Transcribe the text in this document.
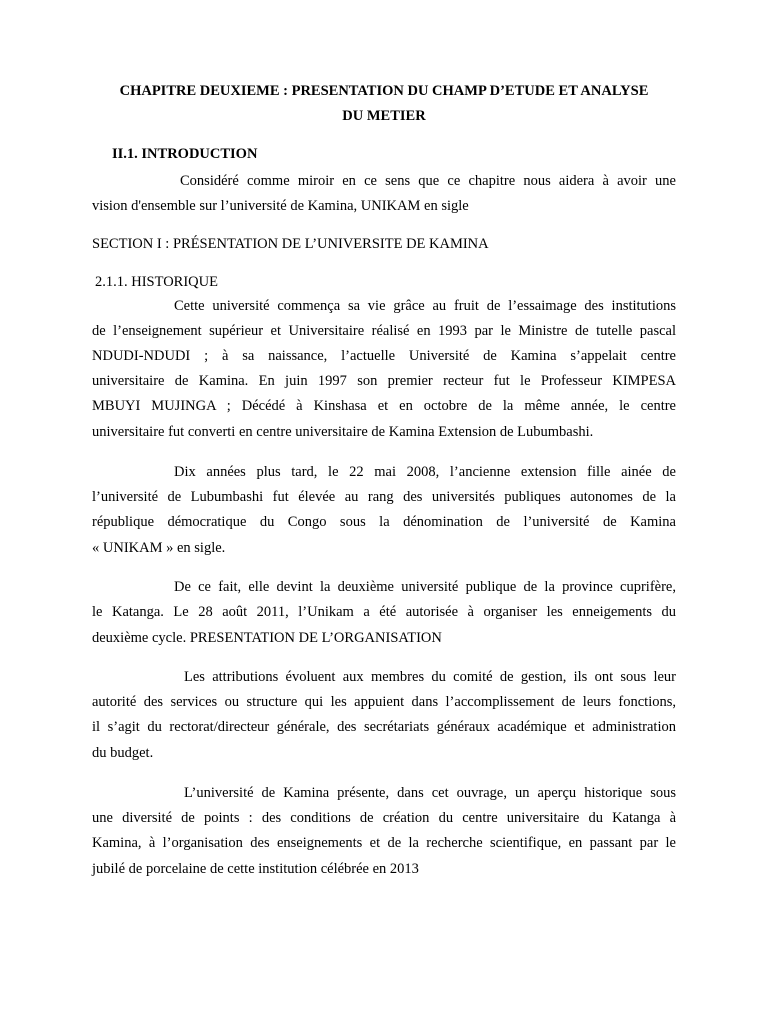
CHAPITRE DEUXIEME : PRESENTATION DU CHAMP D’ETUDE ET ANALYSE
DU METIER
II.1. INTRODUCTION
Considéré comme miroir en ce sens que ce chapitre nous aidera à avoir une
vision d'ensemble sur l’université de Kamina, UNIKAM en sigle
SECTION I : PRÉSENTATION DE L’UNIVERSITE DE KAMINA
2.1.1. HISTORIQUE
Cette université commença sa vie grâce au fruit de l’essaimage des institutions
de l’enseignement supérieur et Universitaire réalisé en 1993 par le Ministre de tutelle pascal
NDUDI-NDUDI ; à sa naissance, l’actuelle Université de Kamina s’appelait centre
universitaire de Kamina. En juin 1997 son premier recteur fut le Professeur KIMPESA
MBUYI MUJINGA ; Décédé à Kinshasa et en octobre de la même année, le centre
universitaire fut converti en centre universitaire de Kamina Extension de Lubumbashi.
Dix années plus tard, le 22 mai 2008, l’ancienne extension fille ainée de
l’université de Lubumbashi fut élevée au rang des universités publiques autonomes de la
république démocratique du Congo sous la dénomination de l’université de Kamina
« UNIKAM » en sigle.
De ce fait, elle devint la deuxième université publique de la province cuprifère,
le Katanga. Le 28 août 2011, l’Unikam a été autorisée à organiser les enneigements du
deuxième cycle. PRESENTATION DE L’ORGANISATION
Les attributions évoluent aux membres du comité de gestion, ils ont sous leur
autorité des services ou structure qui les appuient dans l’accomplissement de leurs fonctions,
il s’agit du rectorat/directeur générale, des secrétariats généraux académique et administration
du budget.
L’université de Kamina présente, dans cet ouvrage, un aperçu historique sous
une diversité de points : des conditions de création du centre universitaire du Katanga à
Kamina, à l’organisation des enseignements et de la recherche scientifique, en passant par le
jubilé de porcelaine de cette institution célébrée en 2013
